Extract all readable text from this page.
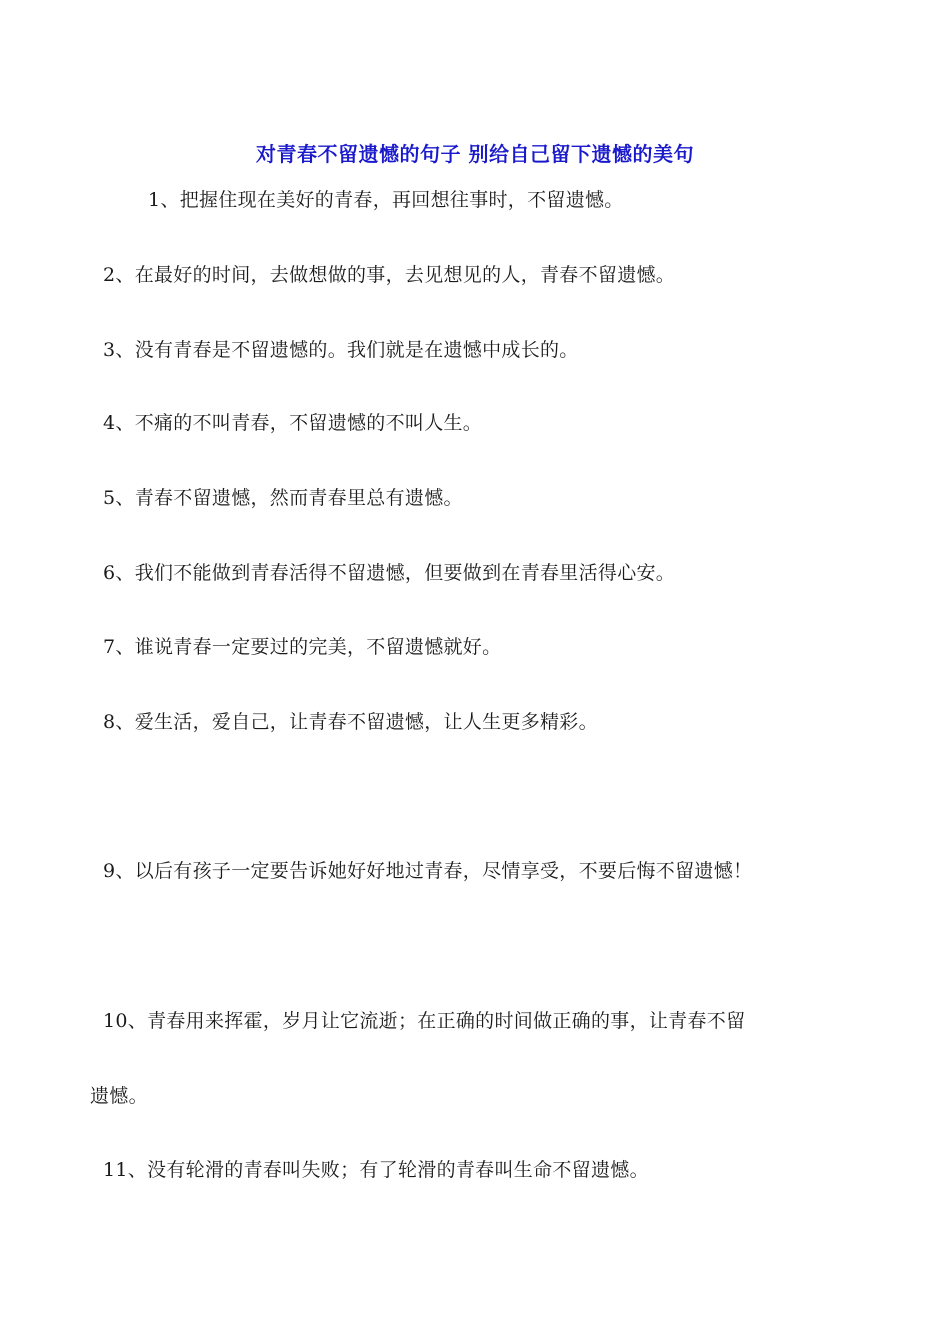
对青春不留遗憾的句子 别给自己留下遗憾的美句
1、把握住现在美好的青春，再回想往事时，不留遗憾。
2、在最好的时间，去做想做的事，去见想见的人，青春不留遗憾。
3、没有青春是不留遗憾的。我们就是在遗憾中成长的。
4、不痛的不叫青春，不留遗憾的不叫人生。
5、青春不留遗憾，然而青春里总有遗憾。
6、我们不能做到青春活得不留遗憾，但要做到在青春里活得心安。
7、谁说青春一定要过的完美，不留遗憾就好。
8、爱生活，爱自己，让青春不留遗憾，让人生更多精彩。
9、以后有孩子一定要告诉她好好地过青春，尽情享受，不要后悔不留遗憾！
10、青春用来挥霍，岁月让它流逝；在正确的时间做正确的事，让青春不留
遗憾。
11、没有轮滑的青春叫失败；有了轮滑的青春叫生命不留遗憾。
